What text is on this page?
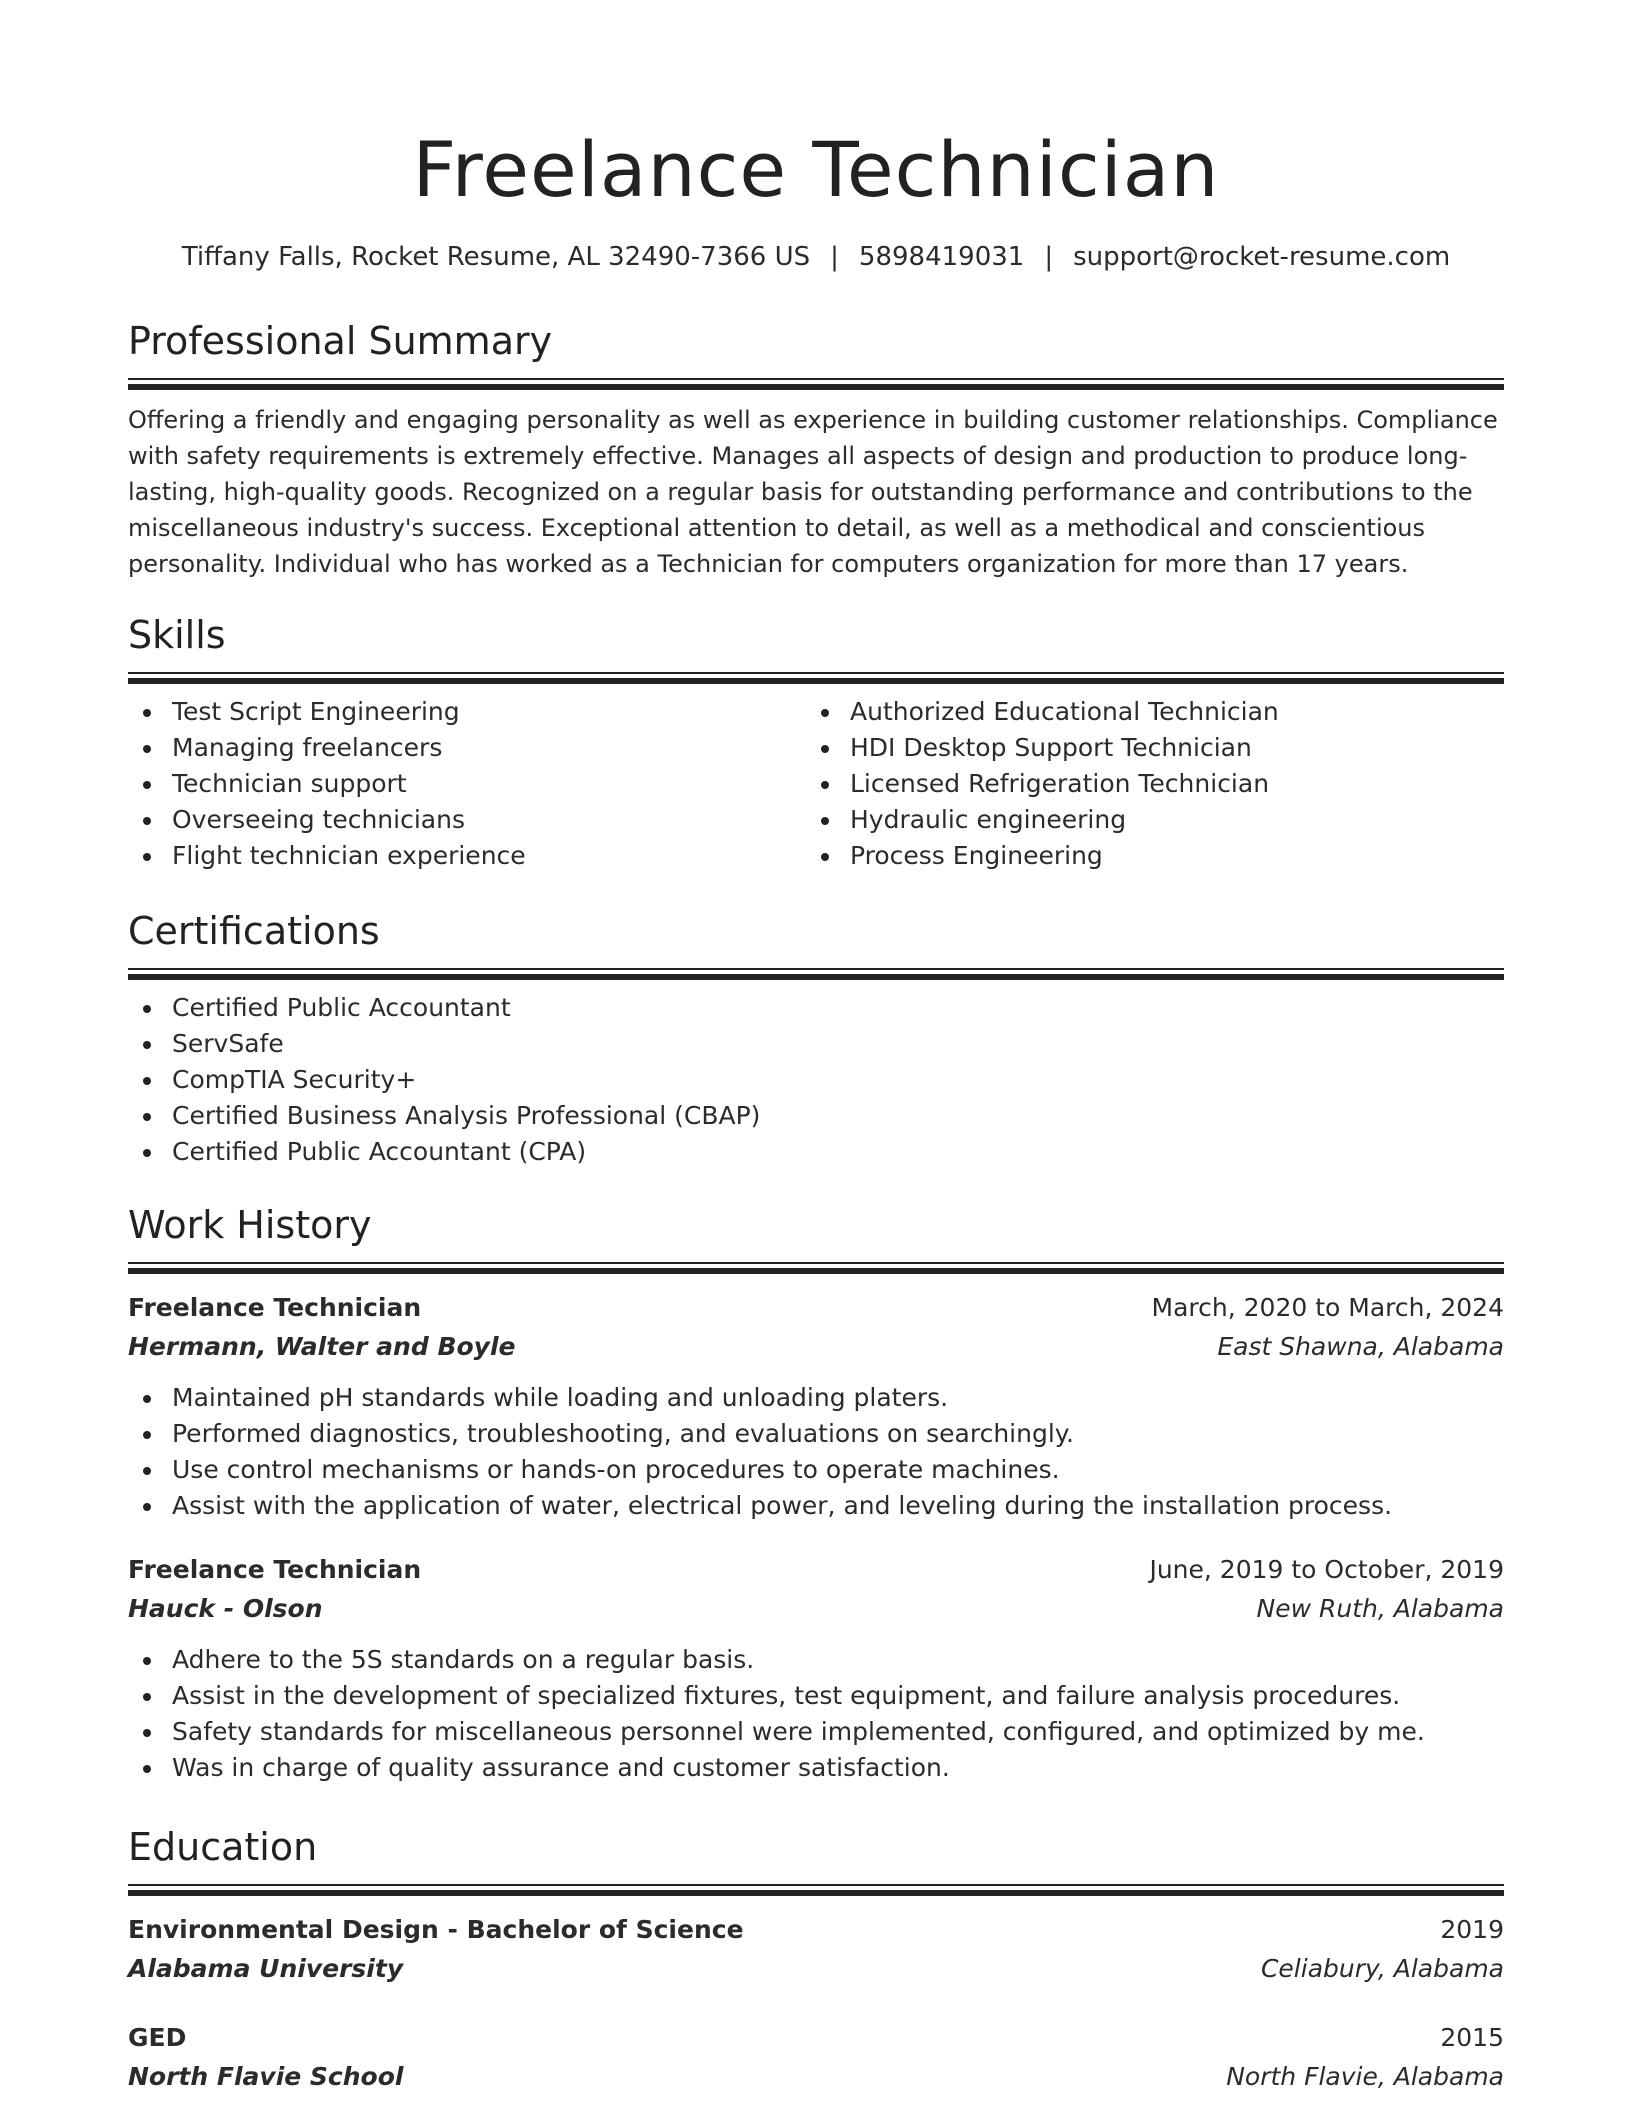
Freelance Technician
Tiffany Falls, Rocket Resume, AL 32490-7366 US | 5898419031 | support@rocket-resume.com
Professional Summary
Offering a friendly and engaging personality as well as experience in building customer relationships. Compliance with safety requirements is extremely effective. Manages all aspects of design and production to produce long-lasting, high-quality goods. Recognized on a regular basis for outstanding performance and contributions to the miscellaneous industry's success. Exceptional attention to detail, as well as a methodical and conscientious personality. Individual who has worked as a Technician for computers organization for more than 17 years.
Skills
Test Script Engineering
Managing freelancers
Technician support
Overseeing technicians
Flight technician experience
Authorized Educational Technician
HDI Desktop Support Technician
Licensed Refrigeration Technician
Hydraulic engineering
Process Engineering
Certifications
Certified Public Accountant
ServSafe
CompTIA Security+
Certified Business Analysis Professional (CBAP)
Certified Public Accountant (CPA)
Work History
Freelance Technician	March, 2020 to March, 2024
Hermann, Walter and Boyle	East Shawna, Alabama
Maintained pH standards while loading and unloading platers.
Performed diagnostics, troubleshooting, and evaluations on searchingly.
Use control mechanisms or hands-on procedures to operate machines.
Assist with the application of water, electrical power, and leveling during the installation process.
Freelance Technician	June, 2019 to October, 2019
Hauck - Olson	New Ruth, Alabama
Adhere to the 5S standards on a regular basis.
Assist in the development of specialized fixtures, test equipment, and failure analysis procedures.
Safety standards for miscellaneous personnel were implemented, configured, and optimized by me.
Was in charge of quality assurance and customer satisfaction.
Education
Environmental Design - Bachelor of Science	2019
Alabama University	Celiabury, Alabama
GED	2015
North Flavie School	North Flavie, Alabama
